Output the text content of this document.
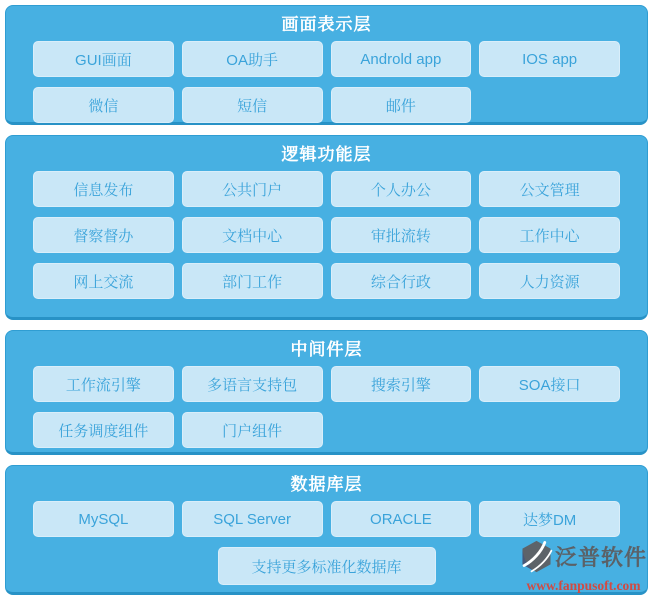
画面表示层
GUI画面	OA助手	Androld app	IOS app
微信	短信	邮件
逻辑功能层
信息发布	公共门户	个人办公	公文管理
督察督办	文档中心	审批流转	工作中心
网上交流	部门工作	综合行政	人力资源
中间件层
工作流引擎	多语言支持包	搜索引擎	SOA接口
任务调度组件	门户组件
数据库层
MySQL	SQL Server	ORACLE	达梦DM
支持更多标准化数据库	泛普软件
www.fanpusoft.com
